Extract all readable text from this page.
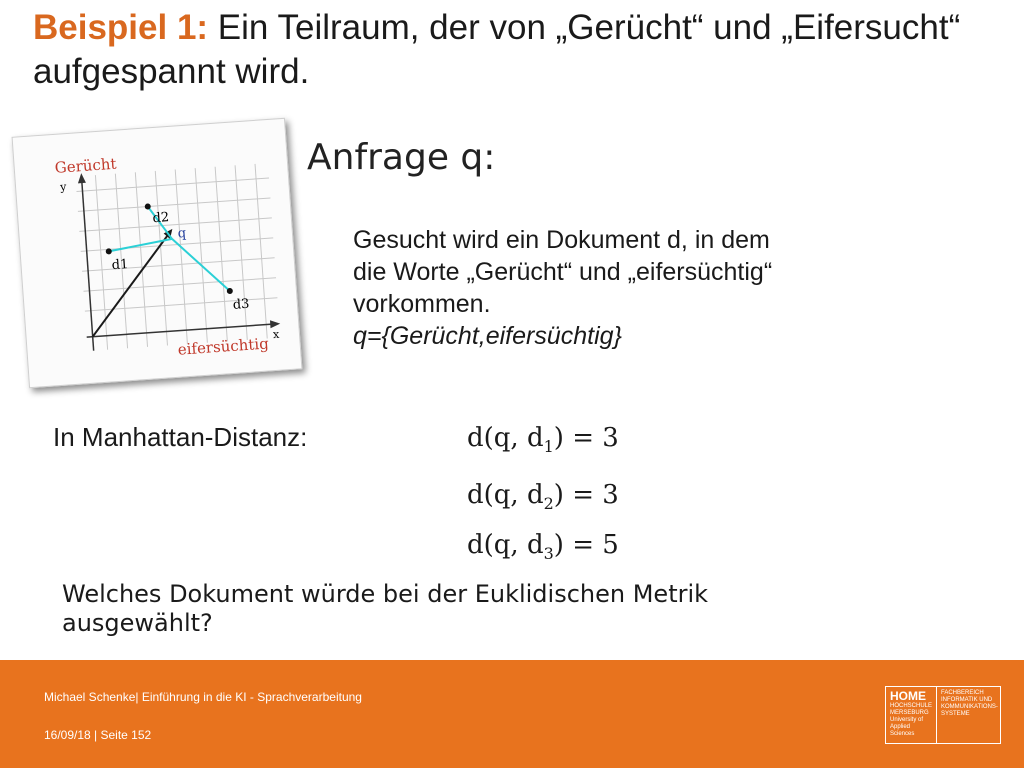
Beispiel 1: Ein Teilraum, der von „Gerücht“ und „Eifersucht“ aufgespannt wird.
Gerücht
y
x
eifersüchtig
d1
d2
d3
q
Anfrage q:
Gesucht wird ein Dokument d, in dem
die Worte „Gerücht“ und „eifersüchtig“
vorkommen.
q={Gerücht,eifersüchtig}
In Manhattan-Distanz:	d(q, $d_1) = 3$
d(q, $d_2) = 3$
d(q, $d_3) = 5$
Welches Dokument würde bei der Euklidischen Metrik
ausgewählt?
Michael Schenke| Einführung in die KI - Sprachverarbeitung
16/09/18 | Seite 152
HOME
HOCHSCHULE
MERSEBURG
University of
Applied Sciences
FACHBEREICH
INFORMATIK UND
KOMMUNIKATIONS-
SYSTEME
